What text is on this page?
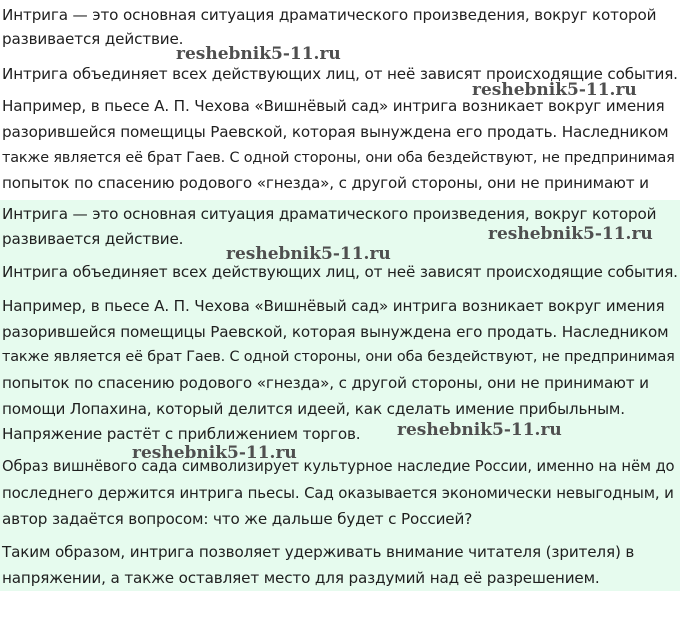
Интрига — это основная ситуация драматического произведения, вокруг которой

развивается действие.

Интрига объединяет всех действующих лиц, от неё зависят происходящие события.

Например, в пьесе А. П. Чехова «Вишнёвый сад» интрига возникает вокруг имения

разорившейся помещицы Раевской, которая вынуждена его продать. Наследником

также является её брат Гаев. С одной стороны, они оба бездействуют, не предпринимая

попыток по спасению родового «гнезда», с другой стороны, они не принимают и

Интрига — это основная ситуация драматического произведения, вокруг которой

развивается действие.

Интрига объединяет всех действующих лиц, от неё зависят происходящие события.

Например, в пьесе А. П. Чехова «Вишнёвый сад» интрига возникает вокруг имения

разорившейся помещицы Раевской, которая вынуждена его продать. Наследником

также является её брат Гаев. С одной стороны, они оба бездействуют, не предпринимая

попыток по спасению родового «гнезда», с другой стороны, они не принимают и

помощи Лопахина, который делится идеей, как сделать имение прибыльным.

Напряжение растёт с приближением торгов.

Образ вишнёвого сада символизирует культурное наследие России, именно на нём до

последнего держится интрига пьесы. Сад оказывается экономически невыгодным, и

автор задаётся вопросом: что же дальше будет с Россией?

Таким образом, интрига позволяет удерживать внимание читателя (зрителя) в

напряжении, а также оставляет место для раздумий над её разрешением.

reshebnik5-11.ru

reshebnik5-11.ru

reshebnik5-11.ru

reshebnik5-11.ru

reshebnik5-11.ru

reshebnik5-11.ru
